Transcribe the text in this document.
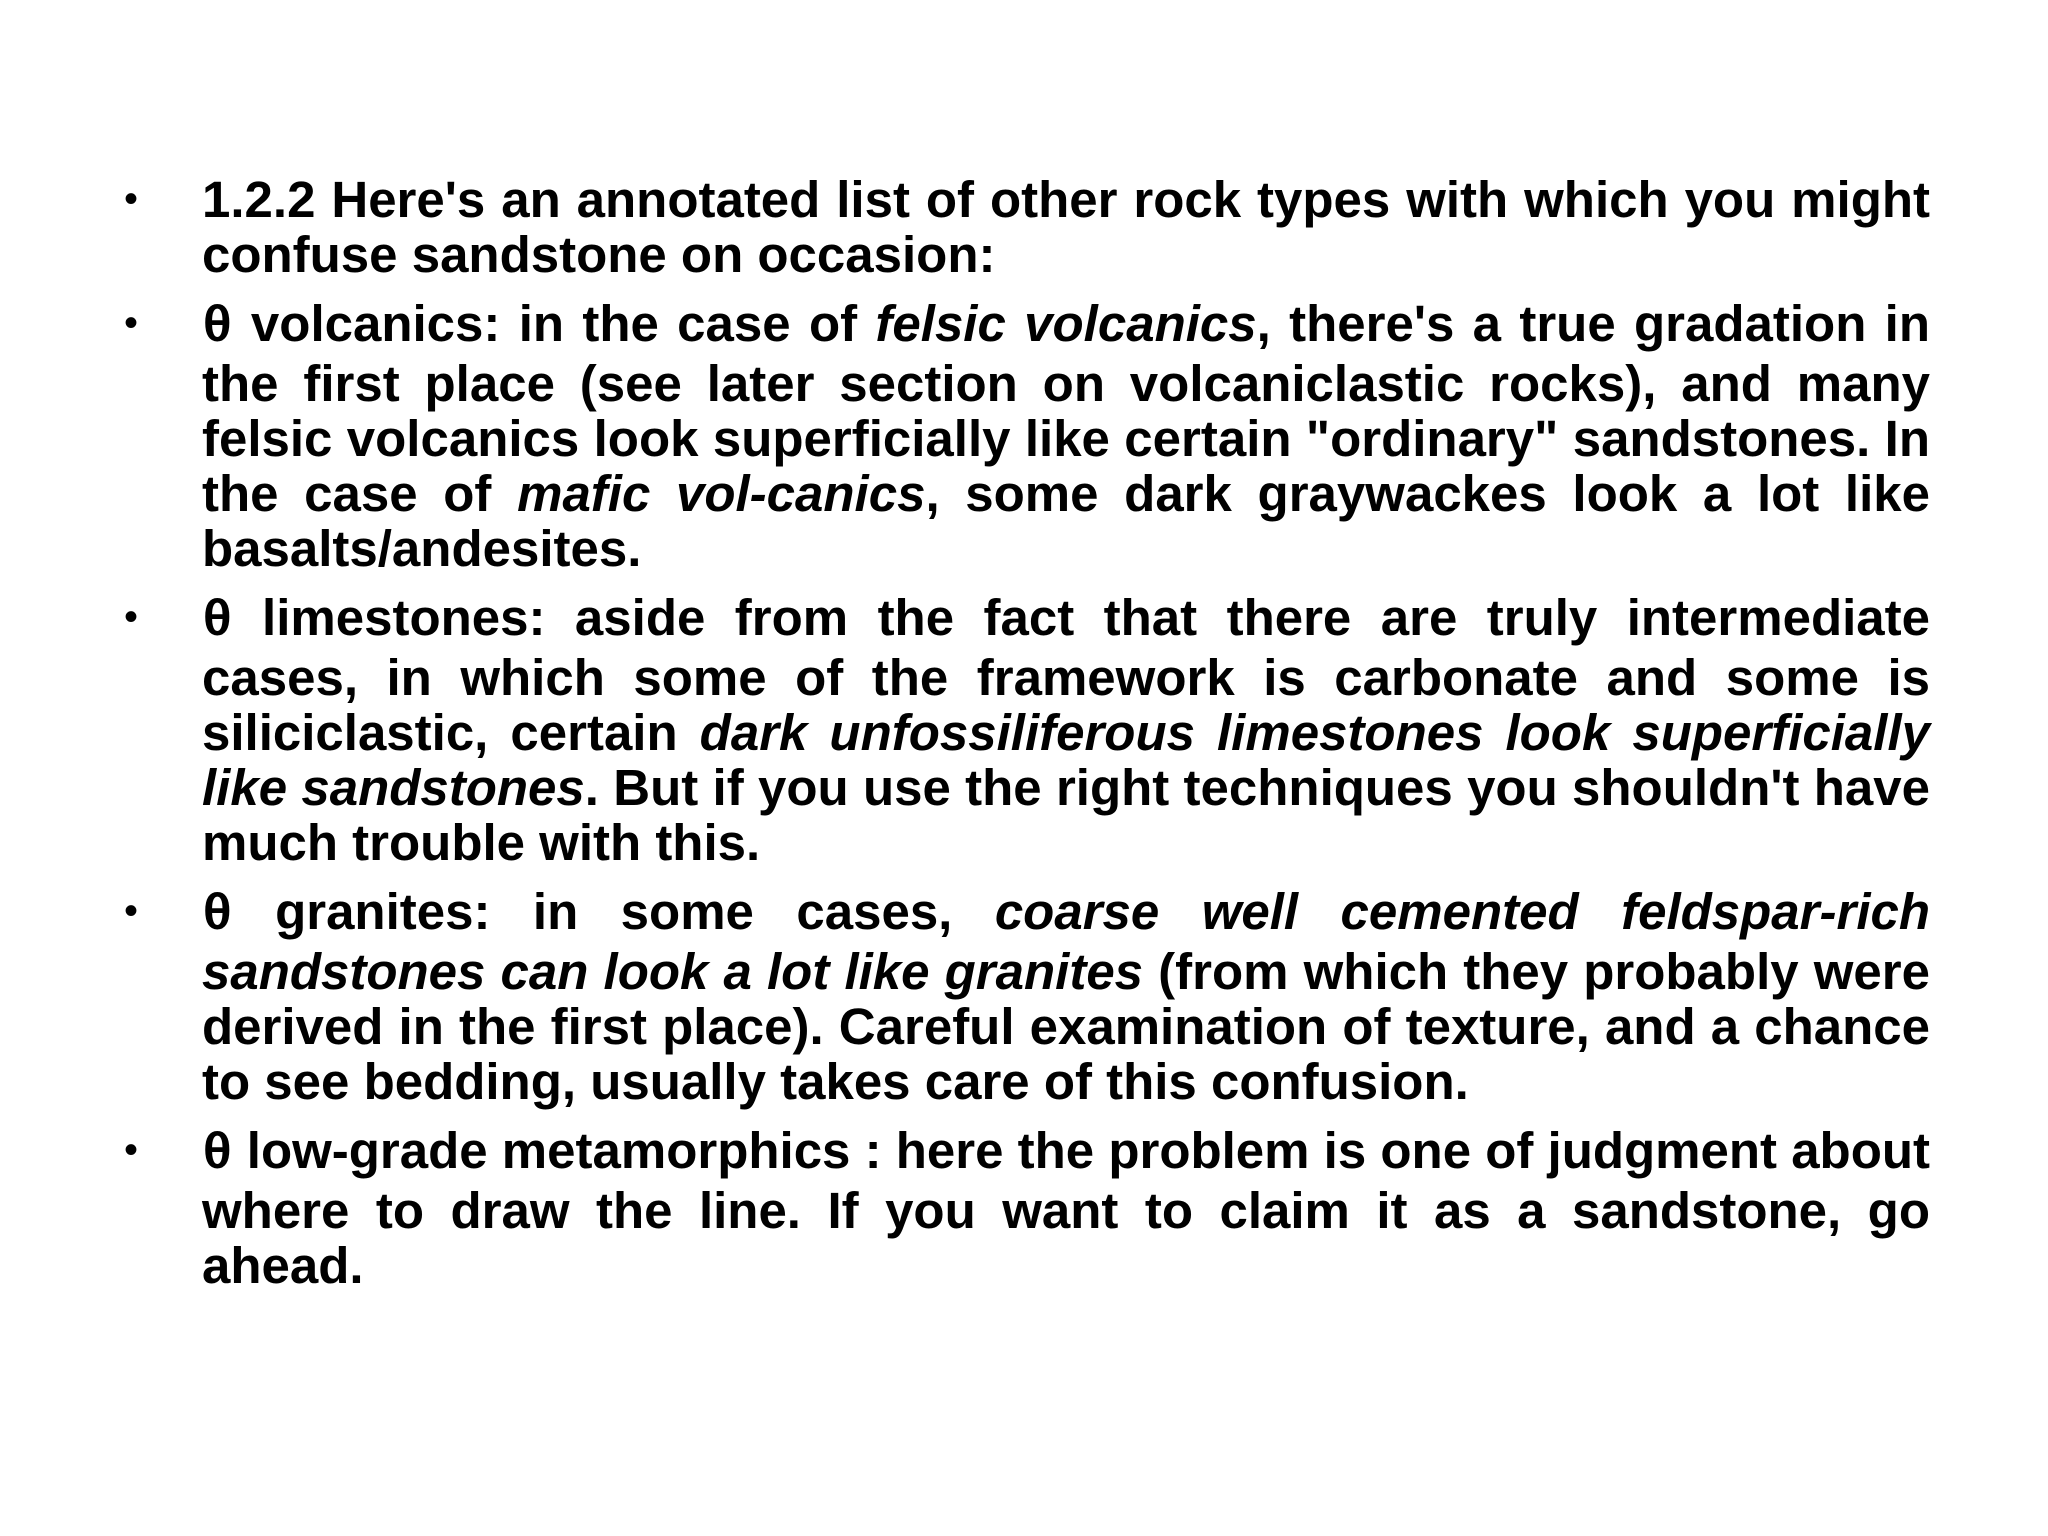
• 1.2.2 Here's an annotated list of other rock types with which you might confuse sandstone on occasion:
• θ volcanics: in the case of felsic volcanics, there's a true gradation in the first place (see later section on volcaniclastic rocks), and many felsic volcanics look superficially like certain "ordinary" sandstones. In the case of mafic vol-canics, some dark graywackes look a lot like basalts/andesites.
• θ limestones: aside from the fact that there are truly intermediate cases, in which some of the framework is carbonate and some is siliciclastic, certain dark unfossiliferous limestones look superficially like sandstones. But if you use the right techniques you shouldn't have much trouble with this.
• θ granites: in some cases, coarse well cemented feldspar-rich sandstones can look a lot like granites (from which they probably were derived in the first place). Careful examination of texture, and a chance to see bedding, usually takes care of this confusion.
• θ low-grade metamorphics : here the problem is one of judgment about where to draw the line. If you want to claim it as a sandstone, go ahead.
